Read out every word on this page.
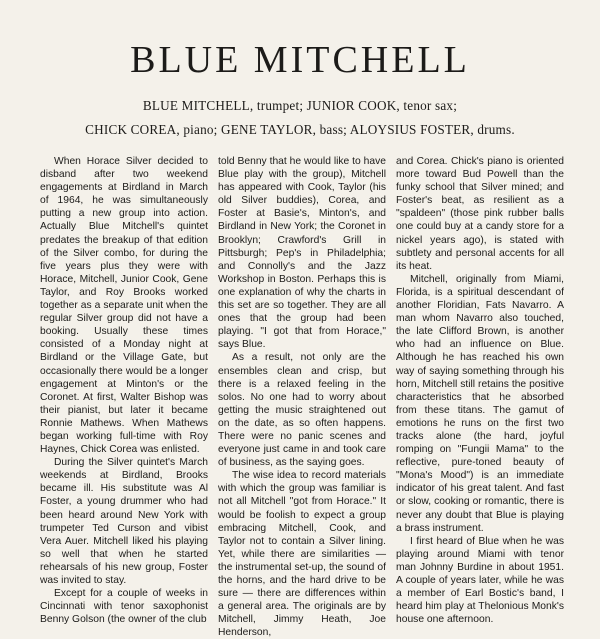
BLUE MITCHELL
BLUE MITCHELL, trumpet; JUNIOR COOK, tenor sax;
CHICK COREA, piano; GENE TAYLOR, bass; ALOYSIUS FOSTER, drums.

When Horace Silver decided to disband after two weekend engagements at Birdland in March of 1964, he was simultaneously putting a new group into action. Actually Blue Mitchell's quintet predates the breakup of that edition of the Silver combo, for during the five years plus they were with Horace, Mitchell, Junior Cook, Gene Taylor, and Roy Brooks worked together as a separate unit when the regular Silver group did not have a booking. Usually these times consisted of a Monday night at Birdland or the Village Gate, but occasionally there would be a longer engagement at Minton's or the Coronet. At first, Walter Bishop was their pianist, but later it became Ronnie Mathews. When Mathews began working full-time with Roy Haynes, Chick Corea was enlisted.

During the Silver quintet's March weekends at Birdland, Brooks became ill. His substitute was Al Foster, a young drummer who had been heard around New York with trumpeter Ted Curson and vibist Vera Auer. Mitchell liked his playing so well that when he started rehearsals of his new group, Foster was invited to stay.

Except for a couple of weeks in Cincinnati with tenor saxophonist Benny Golson (the owner of the club

told Benny that he would like to have Blue play with the group), Mitchell has appeared with Cook, Taylor (his old Silver buddies), Corea, and Foster at Basie's, Minton's, and Birdland in New York; the Coronet in Brooklyn; Crawford's Grill in Pittsburgh; Pep's in Philadelphia; and Connolly's and the Jazz Workshop in Boston. Perhaps this is one explanation of why the charts in this set are so together. They are all ones that the group had been playing. "I got that from Horace," says Blue.

As a result, not only are the ensembles clean and crisp, but there is a relaxed feeling in the solos. No one had to worry about getting the music straightened out on the date, as so often happens. There were no panic scenes and everyone just came in and took care of business, as the saying goes.

The wise idea to record materials with which the group was familiar is not all Mitchell "got from Horace." It would be foolish to expect a group embracing Mitchell, Cook, and Taylor not to contain a Silver lining. Yet, while there are similarities — the instrumental set-up, the sound of the horns, and the hard drive to be sure — there are differences within a general area. The originals are by Mitchell, Jimmy Heath, Joe Henderson,

and Corea. Chick's piano is oriented more toward Bud Powell than the funky school that Silver mined; and Foster's beat, as resilient as a "spaldeen" (those pink rubber balls one could buy at a candy store for a nickel years ago), is stated with subtlety and personal accents for all its heat.

Mitchell, originally from Miami, Florida, is a spiritual descendant of another Floridian, Fats Navarro. A man whom Navarro also touched, the late Clifford Brown, is another who had an influence on Blue. Although he has reached his own way of saying something through his horn, Mitchell still retains the positive characteristics that he absorbed from these titans. The gamut of emotions he runs on the first two tracks alone (the hard, joyful romping on "Fungii Mama" to the reflective, pure-toned beauty of "Mona's Mood") is an immediate indicator of his great talent. And fast or slow, cooking or romantic, there is never any doubt that Blue is playing a brass instrument.

I first heard of Blue when he was playing around Miami with tenor man Johnny Burdine in about 1951. A couple of years later, while he was a member of Earl Bostic's band, I heard him play at Thelonious Monk's house one afternoon.
